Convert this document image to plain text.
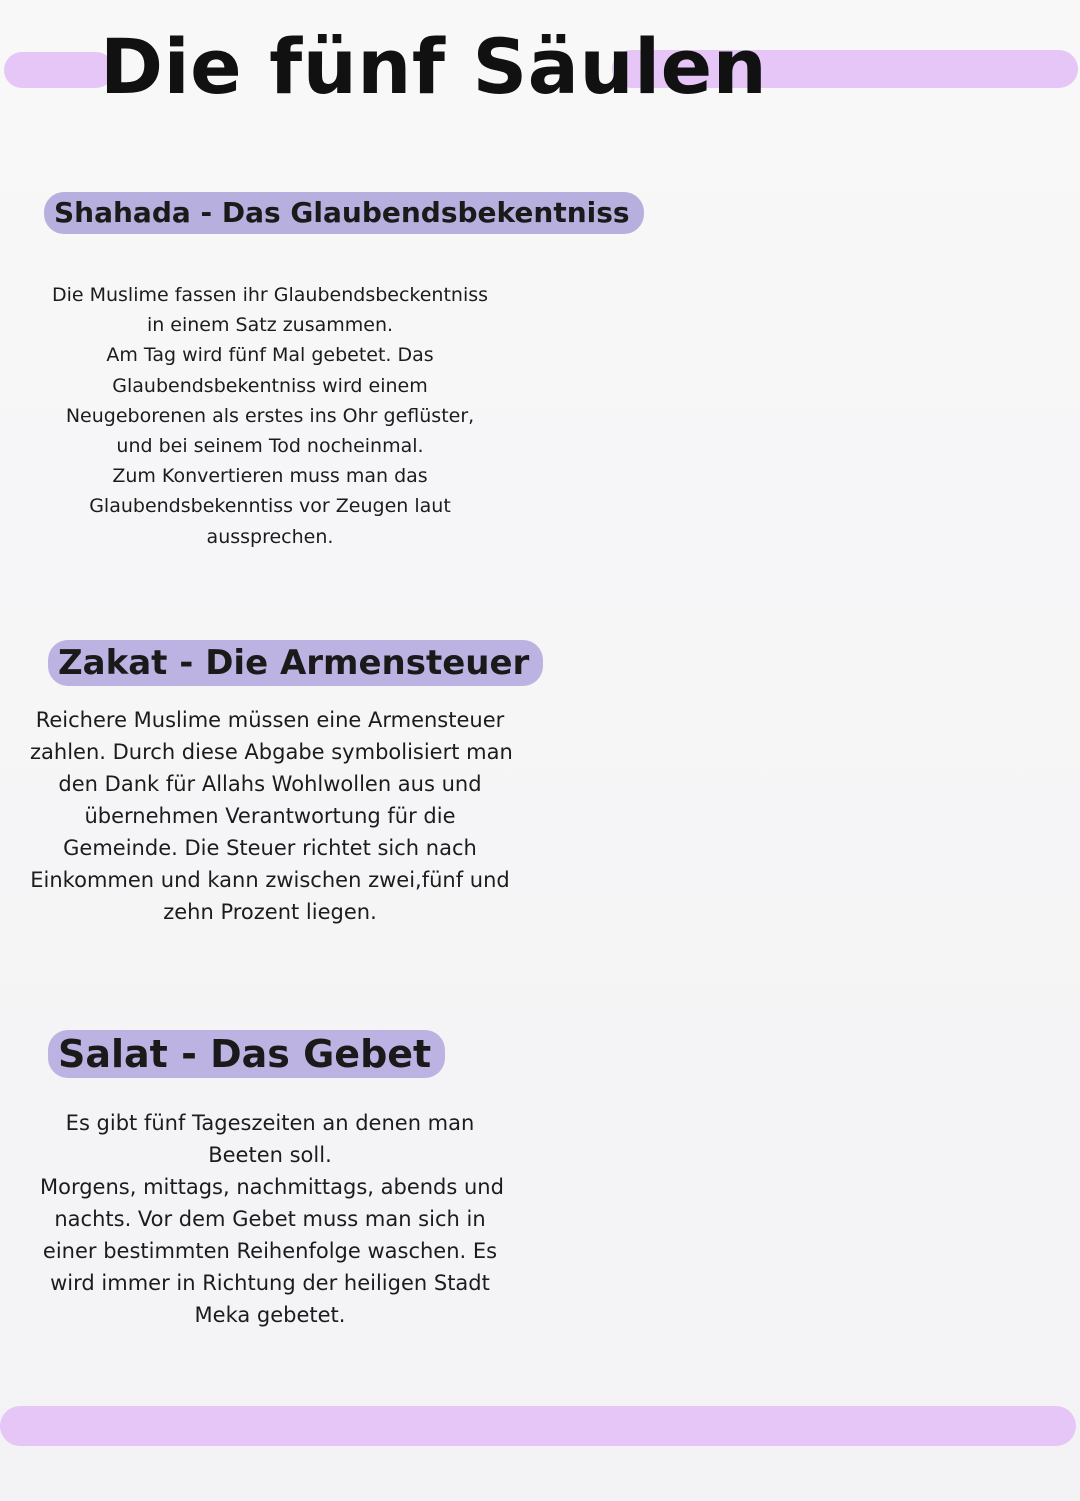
Die fünf Säulen
Shahada - Das Glaubendsbekentniss

Die Muslime fassen ihr Glaubendsbeckentniss
in einem Satz zusammen.
Am Tag wird fünf Mal gebetet. Das
Glaubendsbekentniss wird einem
Neugeborenen als erstes ins Ohr geflüster,
und bei seinem Tod nocheinmal.
Zum Konvertieren muss man das
Glaubendsbekenntiss vor Zeugen laut
aussprechen.

Zakat - Die Armensteuer

Reichere Muslime müssen eine Armensteuer
zahlen. Durch diese Abgabe symbolisiert man
den Dank für Allahs Wohlwollen aus und
übernehmen Verantwortung für die
Gemeinde. Die Steuer richtet sich nach
Einkommen und kann zwischen zwei,fünf und
zehn Prozent liegen.

Salat - Das Gebet

Es gibt fünf Tageszeiten an denen man
Beeten soll.
Morgens, mittags, nachmittags, abends und
nachts. Vor dem Gebet muss man sich in
einer bestimmten Reihenfolge waschen. Es
wird immer in Richtung der heiligen Stadt
Meka gebetet.
